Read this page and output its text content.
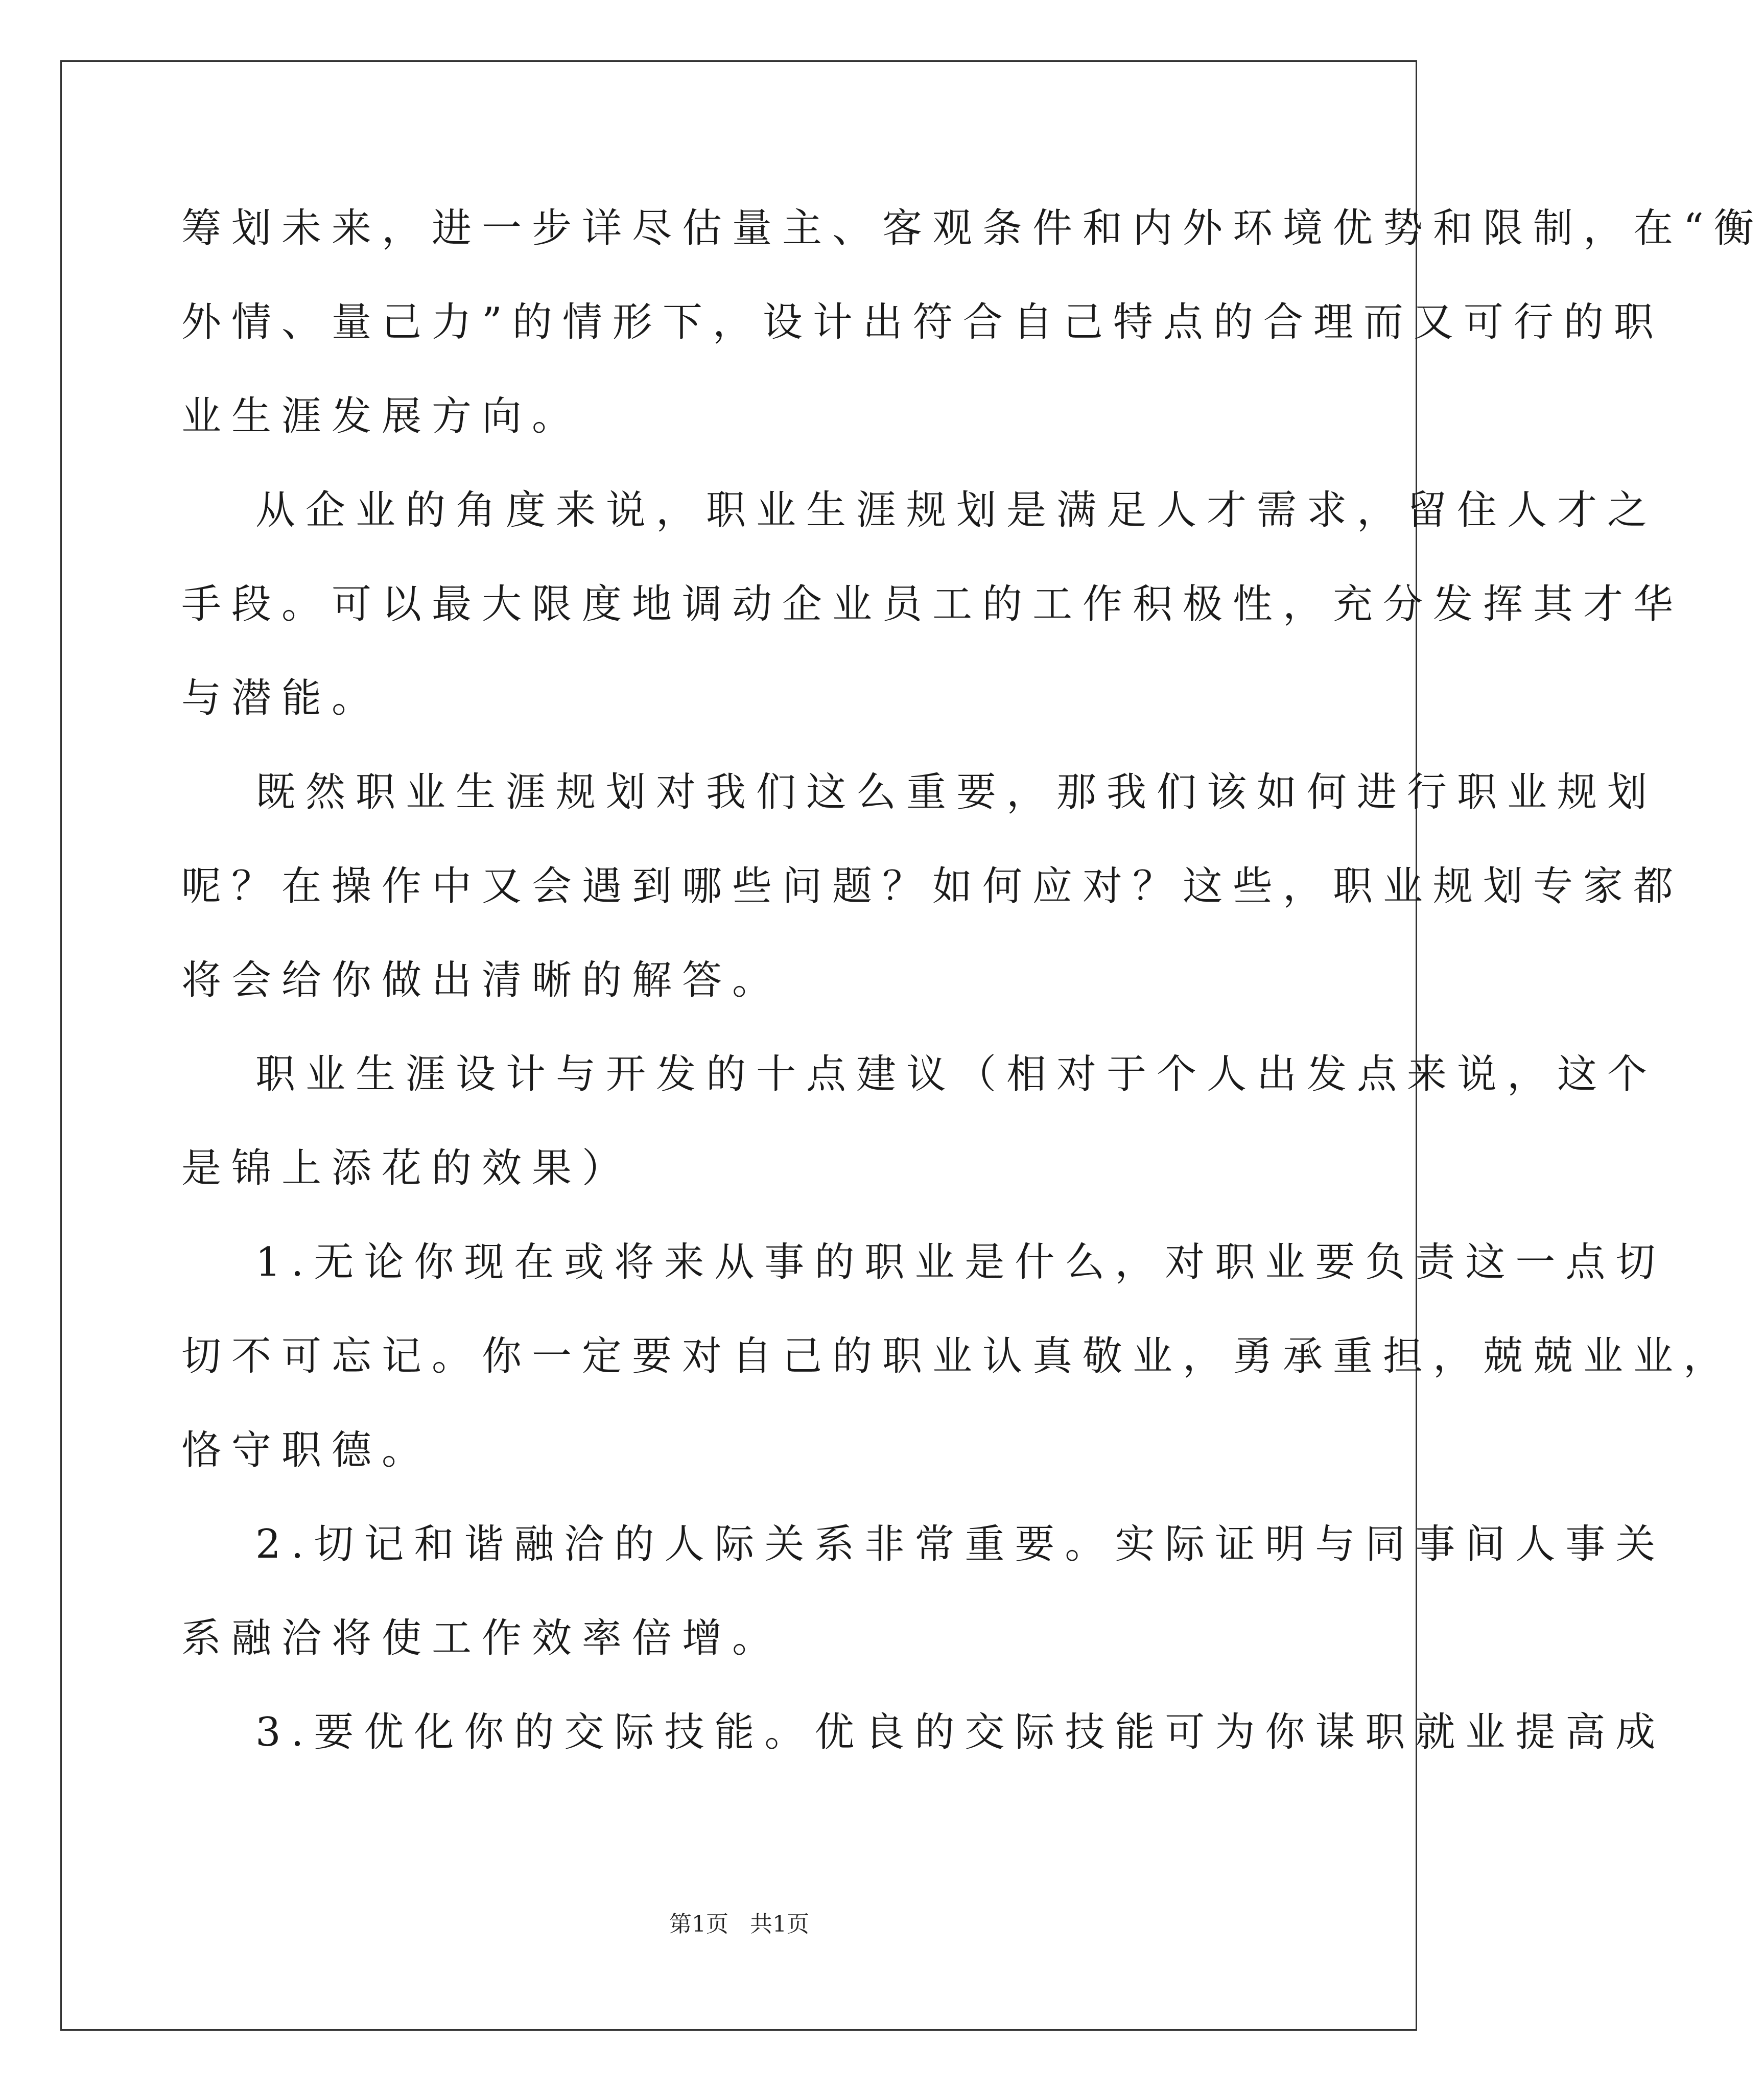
筹划未来，进一步详尽估量主、客观条件和内外环境优势和限制，在“衡
外情、量己力”的情形下，设计出符合自己特点的合理而又可行的职
业生涯发展方向。
从企业的角度来说，职业生涯规划是满足人才需求，留住人才之
手段。可以最大限度地调动企业员工的工作积极性，充分发挥其才华
与潜能。
既然职业生涯规划对我们这么重要，那我们该如何进行职业规划
呢？在操作中又会遇到哪些问题？如何应对？这些，职业规划专家都
将会给你做出清晰的解答。
职业生涯设计与开发的十点建议（相对于个人出发点来说，这个
是锦上添花的效果）
1.无论你现在或将来从事的职业是什么，对职业要负责这一点切
切不可忘记。你一定要对自己的职业认真敬业，勇承重担，兢兢业业，
恪守职德。
2.切记和谐融洽的人际关系非常重要。实际证明与同事间人事关
系融洽将使工作效率倍增。
3.要优化你的交际技能。优良的交际技能可为你谋职就业提高成
第1页 共1页
